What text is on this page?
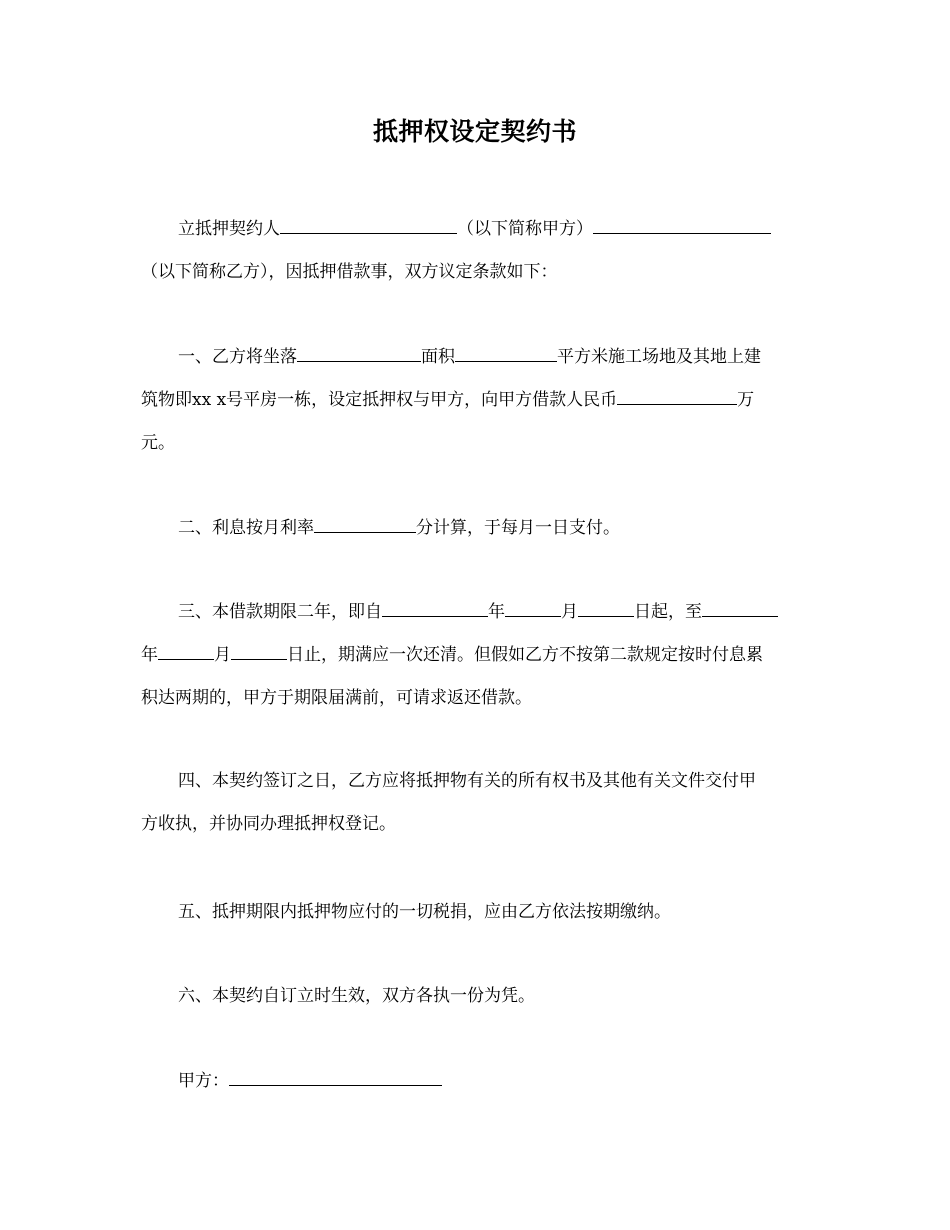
抵押权设定契约书
立抵押契约人	（以下简称甲方）
（以下简称乙方），因抵押借款事，双方议定条款如下：
一、乙方将坐落	面积	平方米施工场地及其地上建
筑物即xx x号平房一栋，设定抵押权与甲方，向甲方借款人民币	万
元。
二、利息按月利率	分计算，于每月一日支付。
三、本借款期限二年，即自	年	月	日起，至
年	月	日止，期满应一次还清。但假如乙方不按第二款规定按时付息累
积达两期的，甲方于期限届满前，可请求返还借款。
四、本契约签订之日，乙方应将抵押物有关的所有权书及其他有关文件交付甲
方收执，并协同办理抵押权登记。
五、抵押期限内抵押物应付的一切税捐，应由乙方依法按期缴纳。
六、本契约自订立时生效，双方各执一份为凭。
甲方：
